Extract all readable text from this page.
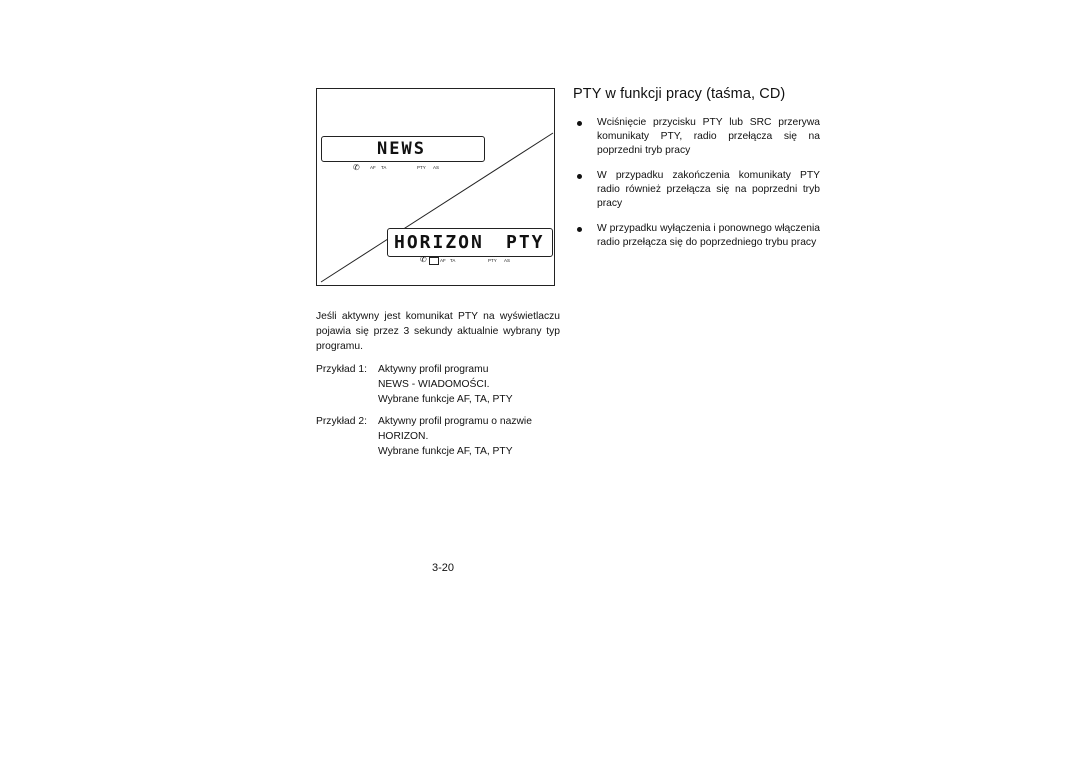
NEWS
✆ AF TA	PTY AS
HORIZON PTY
✆	AF TA	PTY AS
PTY w funkcji pracy (taśma, CD)
Wciśnięcie przycisku PTY lub SRC przerywa komunikaty PTY, radio przełącza się na poprzedni tryb pracy
W przypadku zakończenia komunikaty PTY radio również przełącza się na poprzedni tryb pracy
W przypadku wyłączenia i ponownego włączenia radio przełącza się do poprzedniego trybu pracy
Jeśli aktywny jest komunikat PTY na wyświetlaczu pojawia się przez 3 sekundy aktualnie wybrany typ programu.
Przykład 1: Aktywny profil programu
NEWS - WIADOMOŚCI.
Wybrane funkcje AF, TA, PTY
Przykład 2: Aktywny profil programu o nazwie
HORIZON.
Wybrane funkcje AF, TA, PTY
3-20
